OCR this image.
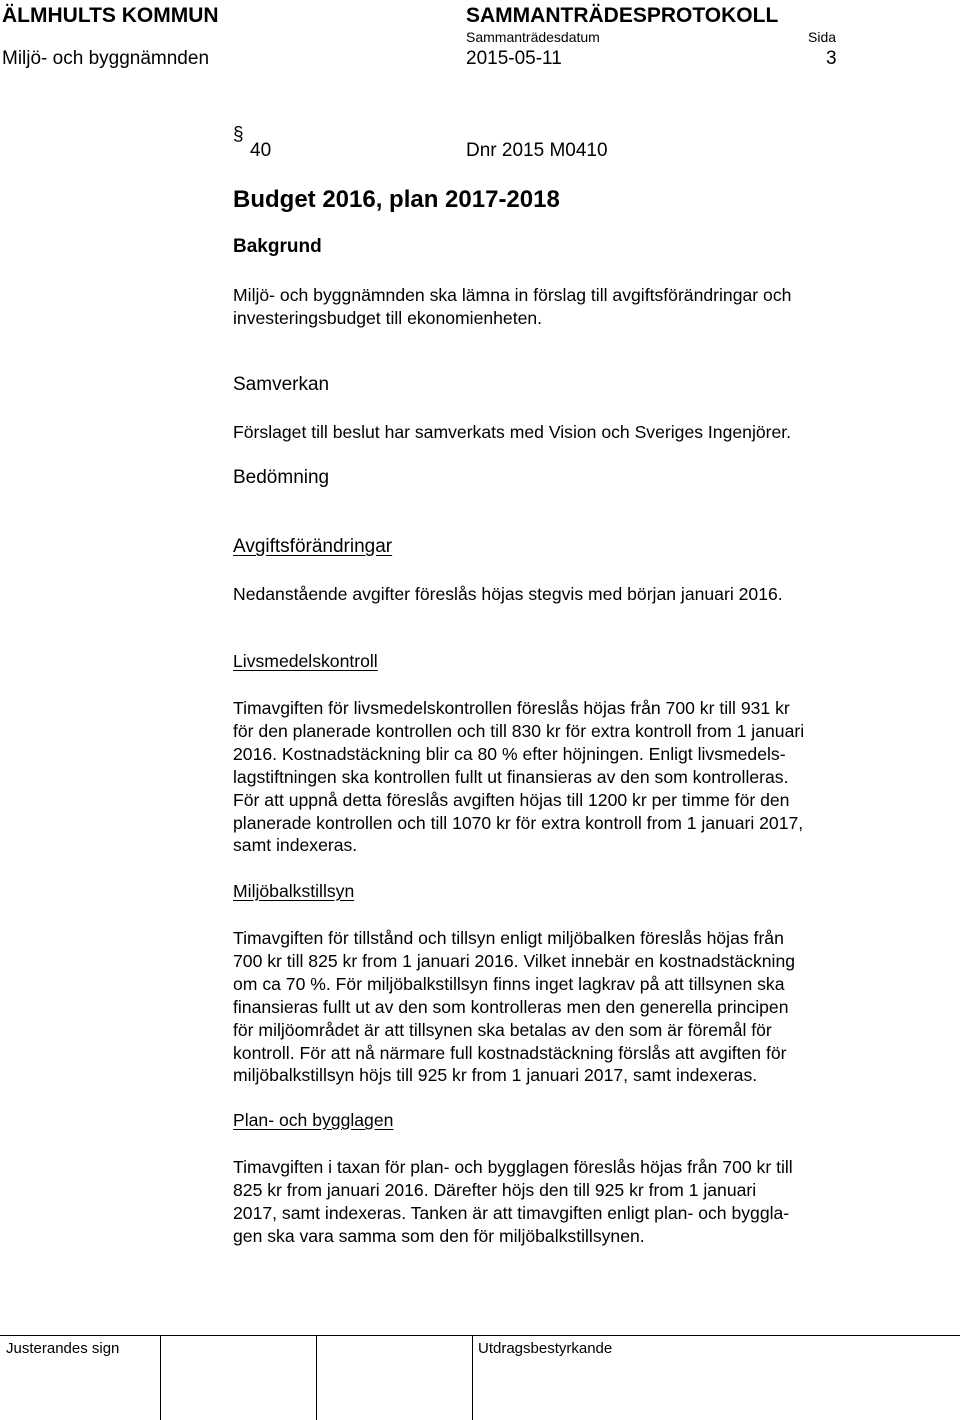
ÄLMHULTS KOMMUN	SAMMANTRÄDESPROTOKOLL
Sammanträdesdatum	Sida
Miljö- och byggnämnden	2015-05-11	3
§
40	Dnr 2015 M0410
Budget 2016, plan 2017-2018
Bakgrund
Miljö- och byggnämnden ska lämna in förslag till avgiftsförändringar och
investeringsbudget till ekonomienheten.
Samverkan
Förslaget till beslut har samverkats med Vision och Sveriges Ingenjörer.
Bedömning
Avgiftsförändringar
Nedanstående avgifter föreslås höjas stegvis med början januari 2016.
Livsmedelskontroll
Timavgiften för livsmedelskontrollen föreslås höjas från 700 kr till 931 kr
för den planerade kontrollen och till 830 kr för extra kontroll from 1 januari
2016. Kostnadstäckning blir ca 80 % efter höjningen. Enligt livsmedels-
lagstiftningen ska kontrollen fullt ut finansieras av den som kontrolleras.
För att uppnå detta föreslås avgiften höjas till 1200 kr per timme för den
planerade kontrollen och till 1070 kr för extra kontroll from 1 januari 2017,
samt indexeras.
Miljöbalkstillsyn
Timavgiften för tillstånd och tillsyn enligt miljöbalken föreslås höjas från
700 kr till 825 kr from 1 januari 2016. Vilket innebär en kostnadstäckning
om ca 70 %. För miljöbalkstillsyn finns inget lagkrav på att tillsynen ska
finansieras fullt ut av den som kontrolleras men den generella principen
för miljöområdet är att tillsynen ska betalas av den som är föremål för
kontroll. För att nå närmare full kostnadstäckning förslås att avgiften för
miljöbalkstillsyn höjs till 925 kr from 1 januari 2017, samt indexeras.
Plan- och bygglagen
Timavgiften i taxan för plan- och bygglagen föreslås höjas från 700 kr till
825 kr from januari 2016. Därefter höjs den till 925 kr from 1 januari
2017, samt indexeras. Tanken är att timavgiften enligt plan- och byggla-
gen ska vara samma som den för miljöbalkstillsynen.
Justerandes sign	Utdragsbestyrkande
